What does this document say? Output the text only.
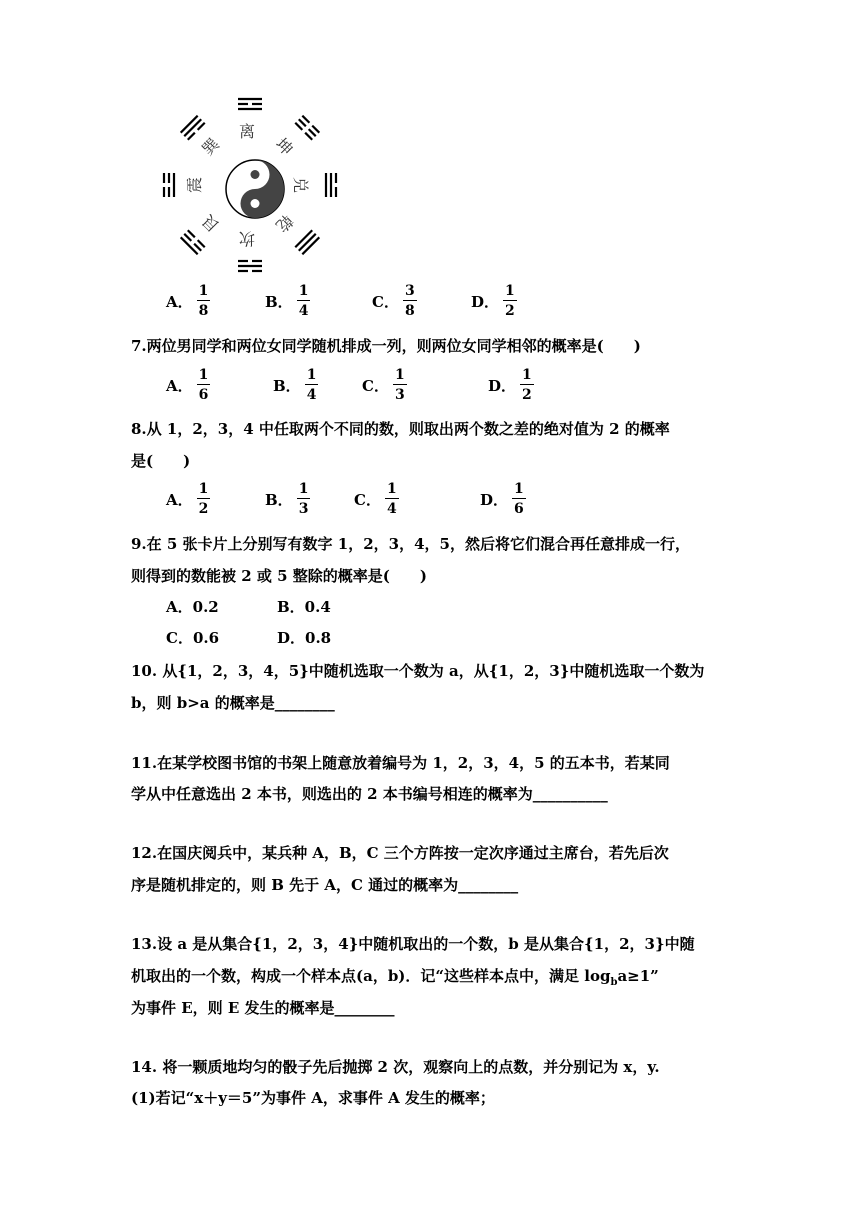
离
坤
兑
乾
坎
艮
震
巽
A． $\frac{1}{8}$	B． $\frac{1}{4}$	C． $\frac{3}{8}$	D． $\frac{1}{2}$
7.两位男同学和两位女同学随机排成一列，则两位女同学相邻的概率是(　　)
A． $\frac{1}{6}$	B． $\frac{1}{4}$	C． $\frac{1}{3}$	D． $\frac{1}{2}$
8.从 1，2，3，4 中任取两个不同的数，则取出两个数之差的绝对值为 2 的概率
是(　　)
A． $\frac{1}{2}$	B． $\frac{1}{3}$	C． $\frac{1}{4}$	D． $\frac{1}{6}$
9.在 5 张卡片上分别写有数字 1，2，3，4，5，然后将它们混合再任意排成一行，
则得到的数能被 2 或 5 整除的概率是(　　)
A．0.2	B．0.4
C．0.6	D．0.8
10. 从{1，2，3，4，5}中随机选取一个数为 a，从{1，2，3}中随机选取一个数为
b，则 b>a 的概率是________
11.在某学校图书馆的书架上随意放着编号为 1，2，3，4，5 的五本书，若某同
学从中任意选出 2 本书，则选出的 2 本书编号相连的概率为__________
12.在国庆阅兵中，某兵种 A，B，C 三个方阵按一定次序通过主席台，若先后次
序是随机排定的，则 B 先于 A，C 通过的概率为________
13.设 a 是从集合{1，2，3，4}中随机取出的一个数，b 是从集合{1，2，3}中随
机取出的一个数，构成一个样本点(a，b)．记“这些样本点中，满足 $\log_ba\ge 1$”
为事件 E，则 E 发生的概率是________
14. 将一颗质地均匀的骰子先后抛掷 2 次，观察向上的点数，并分别记为 x，y.
(1)若记“x＋y＝5”为事件 A，求事件 A 发生的概率；
